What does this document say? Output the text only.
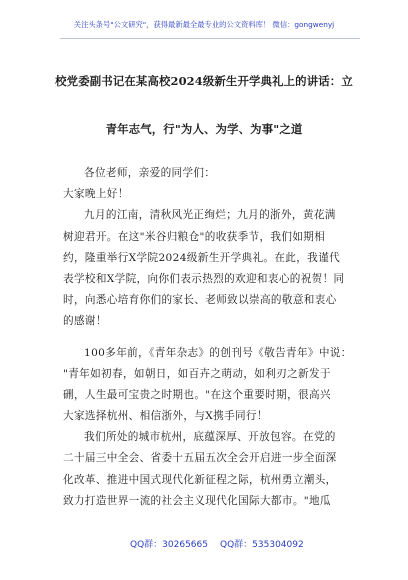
关注头条号"公文研究"，获得最新最全最专业的公文资料库！ 微信：gongwenyj
校党委副书记在某高校2024级新生开学典礼上的讲话：立
青年志气，行"为人、为学、为事"之道
各位老师，亲爱的同学们：
大家晚上好！
九月的江南，清秋风光正绚烂；九月的浙外，黄花满
树迎君开。在这"米谷归粮仓"的收获季节，我们如期相
约，隆重举行X学院2024级新生开学典礼。在此，我谨代
表学校和X学院，向你们表示热烈的欢迎和衷心的祝贺！同
时，向悉心培育你们的家长、老师致以崇高的敬意和衷心
的感谢！
100多年前，《青年杂志》的创刊号《敬告青年》中说：
"青年如初春，如朝日，如百卉之萌动，如利刃之新发于
硎，人生最可宝贵之时期也。"在这个重要时期，很高兴
大家选择杭州、相信浙外，与X携手同行！
我们所处的城市杭州，底蕴深厚、开放包容。在党的
二十届三中全会、省委十五届五次全会开启进一步全面深
化改革、推进中国式现代化新征程之际，杭州勇立潮头，
致力打造世界一流的社会主义现代化国际大都市。"地瓜
QQ群：30265665 QQ群：535304092
